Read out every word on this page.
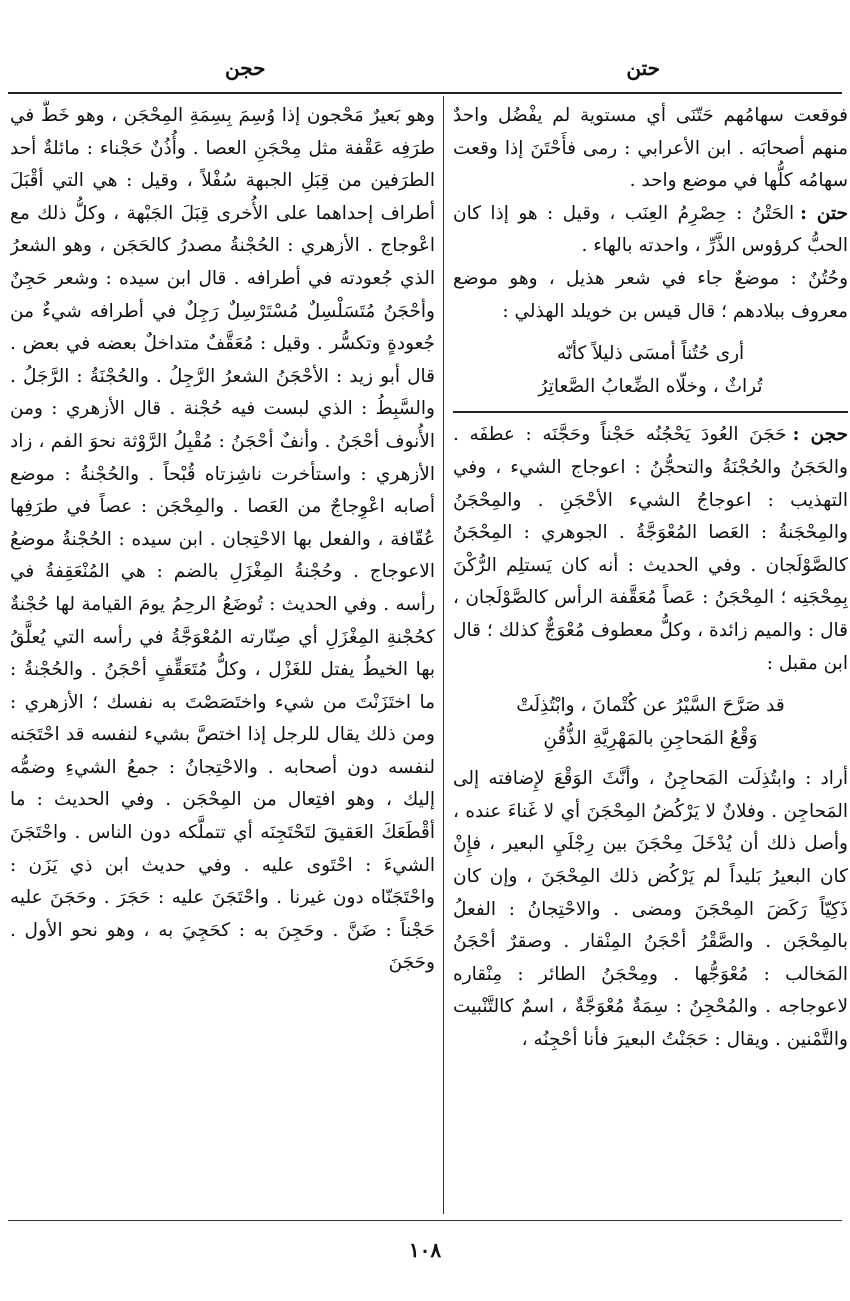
حتن
حجن

فوقعت سهامُهم حَتّنَى أي مستوية لم يفْضُل واحدٌ منهم أصحابَه . ابن الأعرابي : رمى فأَحْتَنَ إذا وقعت سهامُه كلُّها في موضع واحد .

حتن :الحَتْنُ : حِصْرِمُ العِنَب ، وقيل : هو إذا كان الحبُّ كرؤوس الذَّرِّ ، واحدته بالهاء .

وحُتُنٌ : موضعٌ جاء في شعر هذيل ، وهو موضع معروف ببلادهم ؛ قال قيس بن خويلد الهذلي :

أرى حُتُناً أمسَى ذليلاً كأنّه

تُراثٌ ، وخلّاه الضِّعابُ الصَّعاتِرُ

حجن :حَجَنَ العُودَ يَحْجُنُه حَجْناً وحَجَّنَه : عطفَه . والحَجَنُ والحُجْنَةُ والتحجُّنُ : اعوجاج الشيء ، وفي التهذيب : اعوجاجُ الشيء الأحْجَنِ . والمِحْجَنُ والمِحْجَنةُ : العَصا المُعْوَجَّةُ . الجوهري : المِحْجَنُ كالصَّوْلَجان . وفي الحديث : أنه كان يَستلِم الرُّكْنَ بِمِحْجَنِه ؛ المِحْجَنُ : عَصاً مُعَقَّفة الرأس كالصَّوْلَجان ، قال : والميم زائدة ، وكلُّ معطوف مُعْوَجٌّ كذلك ؛ قال ابن مقبل :

قد صَرَّحَ السَّيْرُ عن كُتْمانَ ، وابْتُذِلَتْ

وَقْعُ المَحاجِنِ بالمَهْرِيَّةِ الذُّقُنِ

أراد : وابتُذِلَت المَحاجِنُ ، وأنَّثَ الوَقْعَ لإِضافته إلى المَحاجِن . وفلانٌ لا يَرْكُضُ المِحْجَنَ أي لا غَناءَ عنده ، وأصل ذلك أن يُدْخَلَ مِحْجَنَ بين رِجْلَيِ البعير ، فإِنْ كان البعيرُ بَليداً لم يَرْكُض ذلك المِحْجَنَ ، وإن كان ذَكِيّاً رَكَضَ المِحْجَنَ ومضى . والاحْتِجانُ : الفعلُ بالمِحْجَن . والصَّقْرُ أحْجَنُ المِنْقار . وصقرٌ أحْجَنُ المَخالب : مُعْوَجُّها . ومِحْجَنُ الطائر : مِنْقاره لاعوجاجه . والمُحْجِنُ : سِمَةٌ مُعْوَجَّةٌ ، اسمٌ كالتَّنْبيت والتَّمْنين . ويقال : حَجَنْتُ البعيرَ فأنا أحْجِنُه ،

وهو بَعيرٌ مَحْجون إذا وُسِمَ بِسِمَةِ المِحْجَن ، وهو خَطٌّ في طرَفِه عَقْفة مثل مِحْجَنِ العصا . وأُذُنٌ حَجْناء : مائلةٌ أحد الطرَفين من قِبَلِ الجبهة سُفْلاً ، وقيل : هي التي أقْبَلَ أطراف إحداهما على الأُخرى قِبَلَ الجَبْهة ، وكلُّ ذلك مع اعْوجاج . الأزهري : الحُجْنةُ مصدرُ كالحَجَن ، وهو الشعرُ الذي جُعودته في أطرافه . قال ابن سيده : وشعر حَجِنٌ وأحْجَنُ مُتَسَلْسِلٌ مُسْتَرْسِلٌ رَجِلٌ في أطرافه شيءٌ من جُعودةٍ وتكسُّر . وقيل : مُعَقَّفٌ متداخلٌ بعضه في بعض . قال أبو زيد : الأحْجَنُ الشعرُ الرَّجِلُ . والحُجْنَةُ : الرَّجَلُ . والسَّبِطُ : الذي لبست فيه حُجْنة . قال الأزهري : ومن الأُنوف أحْجَنُ . وأنفٌ أحْجَنُ : مُقْبِلُ الرَّوْثة نحوَ الفم ، زاد الأزهري : واستأخرت ناشِزتاه قُبْحاً . والحُجْنةُ : موضع أصابه اعْوِجاجٌ من العَصا . والمِحْجَن : عصاً في طرَفِها عُقّافة ، والفعل بها الاحْتِجان . ابن سيده : الحُجْنةُ موضعُ الاعوجاج . وحُجْنةُ المِغْزَلِ بالضم : هي المُنْعَقِفةُ في رأسه . وفي الحديث : تُوضَعُ الرحِمُ يومَ القيامة لها حُجْنةٌ كحُجْنةِ المِغْزَلِ أي صِنّارته المُعْوَجَّةُ في رأسه التي يُعلَّقُ بها الخيطُ يفتل للغَزْل ، وكلُّ مُتَعَقِّفٍ أحْجَنُ . والحُجْنةُ : ما اختَزَنْتَ من شيء واختَصَصْتَ به نفسك ؛ الأزهري : ومن ذلك يقال للرجل إذا اختصَّ بشيء لنفسه قد احْتَجَنه لنفسه دون أصحابه . والاحْتِجانُ : جمعُ الشيءِ وضمُّه إليك ، وهو افتِعال من المِحْجَن . وفي الحديث : ما أقْطَعَكَ العَقيقَ لتَحْتَجِنَه أي تتملَّكه دون الناس . واحْتَجَنَ الشيءَ : احْتَوى عليه . وفي حديث ابن ذي يَزَن : واحْتَجَنّاه دون غيرنا . واحْتَجَنَ عليه : حَجَرَ . وحَجَنَ عليه حَجْناً : ضَنَّ . وحَجِنَ به : كحَجِيَ به ، وهو نحو الأول . وحَجَنَ

١٠٨
